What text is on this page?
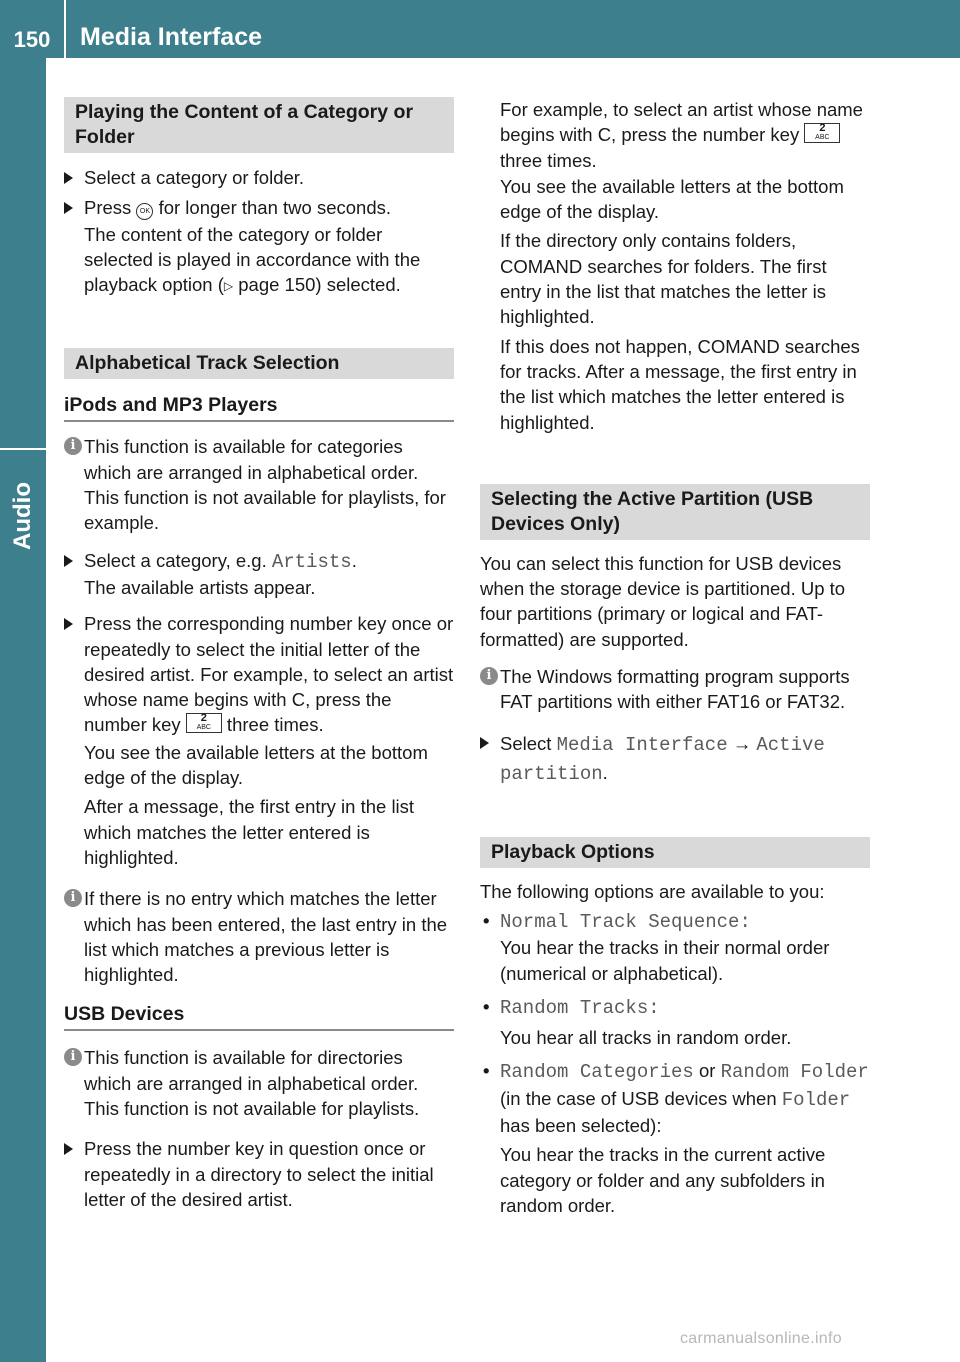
150	Media Interface
Audio
Playing the Content of a Category or Folder
Select a category or folder.
Press OK for longer than two seconds.

The content of the category or folder selected is played in accordance with the playback option (▷ page 150) selected.

Alphabetical Track Selection
iPods and MP3 Players
i This function is available for categories which are arranged in alphabetical order. This function is not available for playlists, for example.
Select a category, e.g. Artists.

The available artists appear.

Press the corresponding number key once or repeatedly to select the initial letter of the desired artist. For example, to select an artist whose name begins with C, press the number key	2
ABC three times.

You see the available letters at the bottom edge of the display.

After a message, the first entry in the list which matches the letter entered is highlighted.

i If there is no entry which matches the letter which has been entered, the last entry in the list which matches a previous letter is highlighted.
USB Devices
i This function is available for directories which are arranged in alphabetical order. This function is not available for playlists.
Press the number key in question once or repeatedly in a directory to select the initial letter of the desired artist.

For example, to select an artist whose name begins with C, press the number key	2
ABC
three times.

You see the available letters at the bottom edge of the display.

If the directory only contains folders, COMAND searches for folders. The first entry in the list that matches the letter is highlighted.

If this does not happen, COMAND searches for tracks. After a message, the first entry in the list which matches the letter entered is highlighted.

Selecting the Active Partition (USB Devices Only)

You can select this function for USB devices when the storage device is partitioned. Up to four partitions (primary or logical and FAT-formatted) are supported.

i The Windows formatting program supports FAT partitions with either FAT16 or FAT32.
Select Media Interface → Active partition.
Playback Options

The following options are available to you:

• Normal Track Sequence:

You hear the tracks in their normal order (numerical or alphabetical).

• Random Tracks:

You hear all tracks in random order.

• Random Categories or Random Folder (in the case of USB devices when Folder has been selected):

You hear the tracks in the current active category or folder and any subfolders in random order.

carmanualsonline.info
